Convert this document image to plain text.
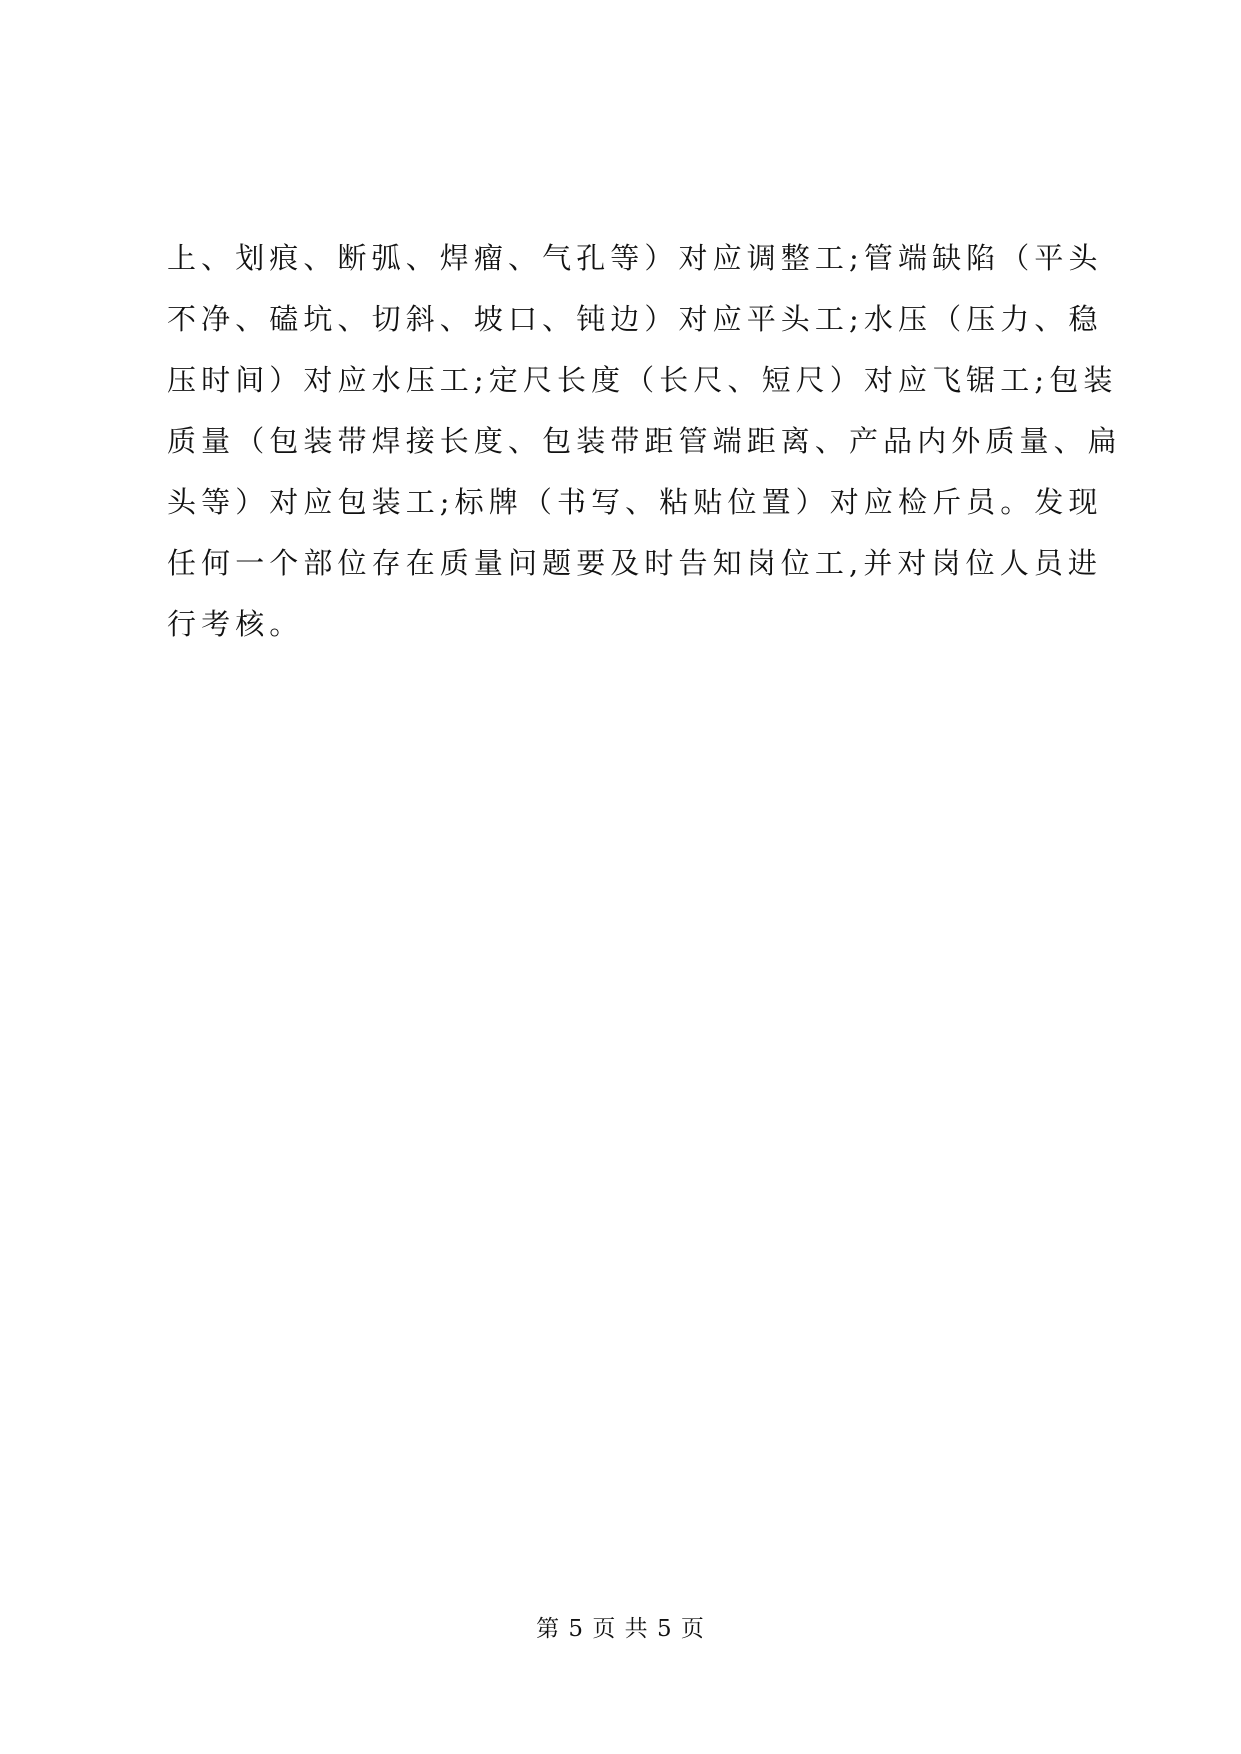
上、划痕、断弧、焊瘤、气孔等）对应调整工;管端缺陷（平头
不净、磕坑、切斜、坡口、钝边）对应平头工;水压（压力、稳
压时间）对应水压工;定尺长度（长尺、短尺）对应飞锯工;包装
质量（包装带焊接长度、包装带距管端距离、产品内外质量、扁
头等）对应包装工;标牌（书写、粘贴位置）对应检斤员。发现
任何一个部位存在质量问题要及时告知岗位工,并对岗位人员进
行考核。
第 5 页 共 5 页
